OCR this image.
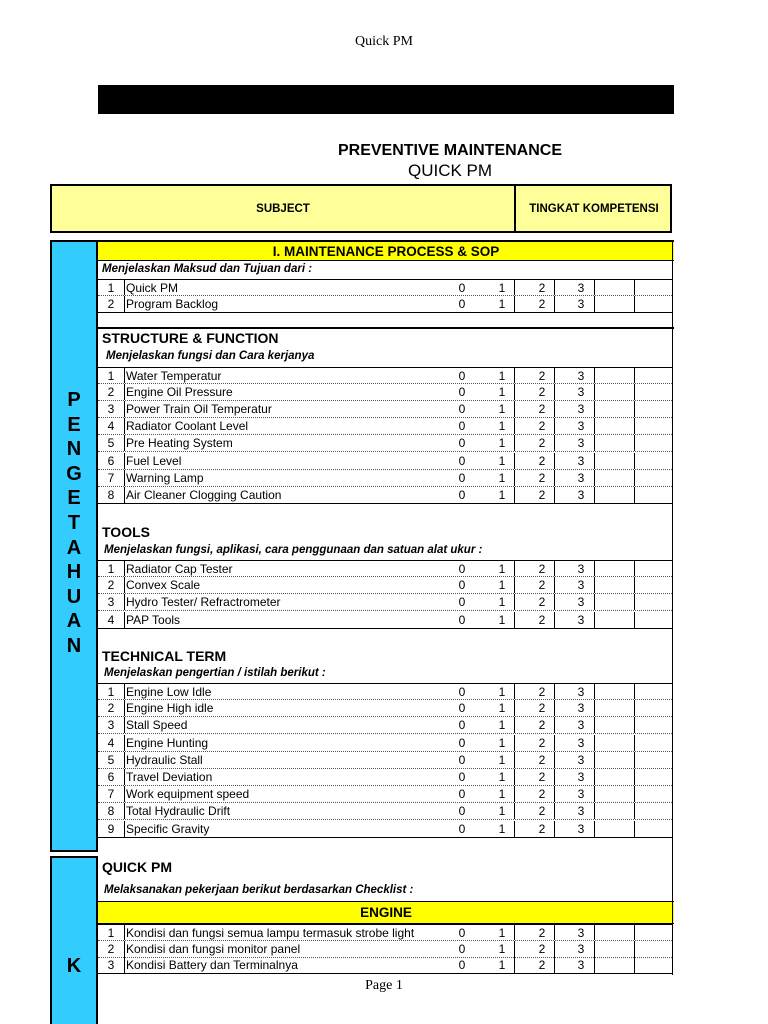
Quick PM
PREVENTIVE MAINTENANCE
QUICK PM
SUBJECT	TINGKAT KOMPETENSI
P
E
N
G
E
T
A
H
U
A
N
K
I. MAINTENANCE PROCESS & SOP
Menjelaskan Maksud dan Tujuan dari :
STRUCTURE & FUNCTION
Menjelaskan fungsi dan Cara kerjanya
TOOLS
Menjelaskan fungsi, aplikasi, cara penggunaan dan satuan alat ukur :
TECHNICAL TERM
Menjelaskan pengertian / istilah berikut :
QUICK PM
Melaksanakan pekerjaan berikut berdasarkan Checklist :
ENGINE
1 Quick PM	0	1	2	3
2 Program Backlog	0	1	2	3
1 Water Temperatur	0	1	2	3
2 Engine Oil Pressure	0	1	2	3
3 Power Train Oil Temperatur	0	1	2	3
4 Radiator Coolant Level	0	1	2	3
5 Pre Heating System	0	1	2	3
6 Fuel Level	0	1	2	3
7 Warning Lamp	0	1	2	3
8 Air Cleaner Clogging Caution	0	1	2	3
1 Radiator Cap Tester	0	1	2	3
2 Convex Scale	0	1	2	3
3 Hydro Tester/ Refractrometer	0	1	2	3
4 PAP Tools	0	1	2	3
1 Engine Low Idle	0	1	2	3
2 Engine High idle	0	1	2	3
3 Stall Speed	0	1	2	3
4 Engine Hunting	0	1	2	3
5 Hydraulic Stall	0	1	2	3
6 Travel Deviation	0	1	2	3
7 Work equipment speed	0	1	2	3
8 Total Hydraulic Drift	0	1	2	3
9 Specific Gravity	0	1	2	3
1 Kondisi dan fungsi semua lampu termasuk strobe light	0	1	2	3
2 Kondisi dan fungsi monitor panel	0	1	2	3
3 Kondisi Battery dan Terminalnya	0	1	2	3
Page 1
